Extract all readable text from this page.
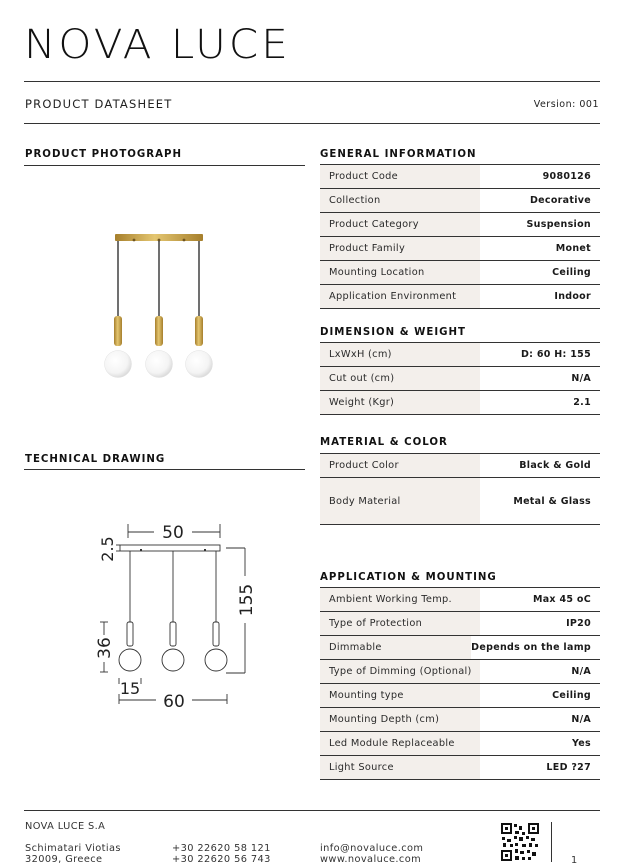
NOVA LUCE
PRODUCT DATASHEET	Version: 001
PRODUCT PHOTOGRAPH
TECHNICAL DRAWING
50
2.5
155
36
15
60
GENERAL INFORMATION
Product Code	9080126
Collection	Decorative
Product Category	Suspension
Product Family	Monet
Mounting Location	Ceiling
Application Environment	Indoor
DIMENSION & WEIGHT
LxWxH (cm)	D: 60 H: 155
Cut out (cm)	N/A
Weight (Kgr)	2.1
MATERIAL & COLOR
Product Color	Black & Gold
Body Material	Metal & Glass
APPLICATION & MOUNTING
Ambient Working Temp.	Max 45 oC
Type of Protection	IP20
Dimmable	Depends on the lamp
Type of Dimming (Optional)	N/A
Mounting type	Ceiling
Mounting Depth (cm)	N/A
Led Module Replaceable	Yes
Light Source	LED ?27
NOVA LUCE S.A
Schimatari Viotias
32009, Greece
+30 22620 58 121
+30 22620 56 743
info@novaluce.com
www.novaluce.com	1
